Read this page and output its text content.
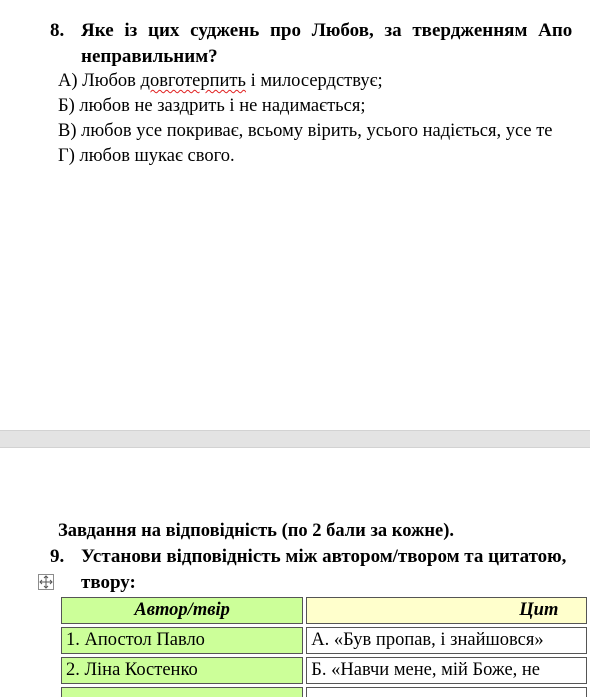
8. Яке із цих суджень про Любов, за твердженням Апо
неправильним?
А) Любов довготерпить і милосердствує;
Б) любов не заздрить і не надимається;
В) любов усе покриває, всьому вірить, усього надіється, усе те
Г) любов шукає свого.
Завдання на відповідність (по 2 бали за кожне).
9. Установи відповідність між автором/твором та цитатою,
твору:
Автор/твір	Цит
1. Апостол Павло	А. «Був пропав, і знайшовся»
2. Ліна Костенко	Б. «Навчи мене, мій Боже, не
